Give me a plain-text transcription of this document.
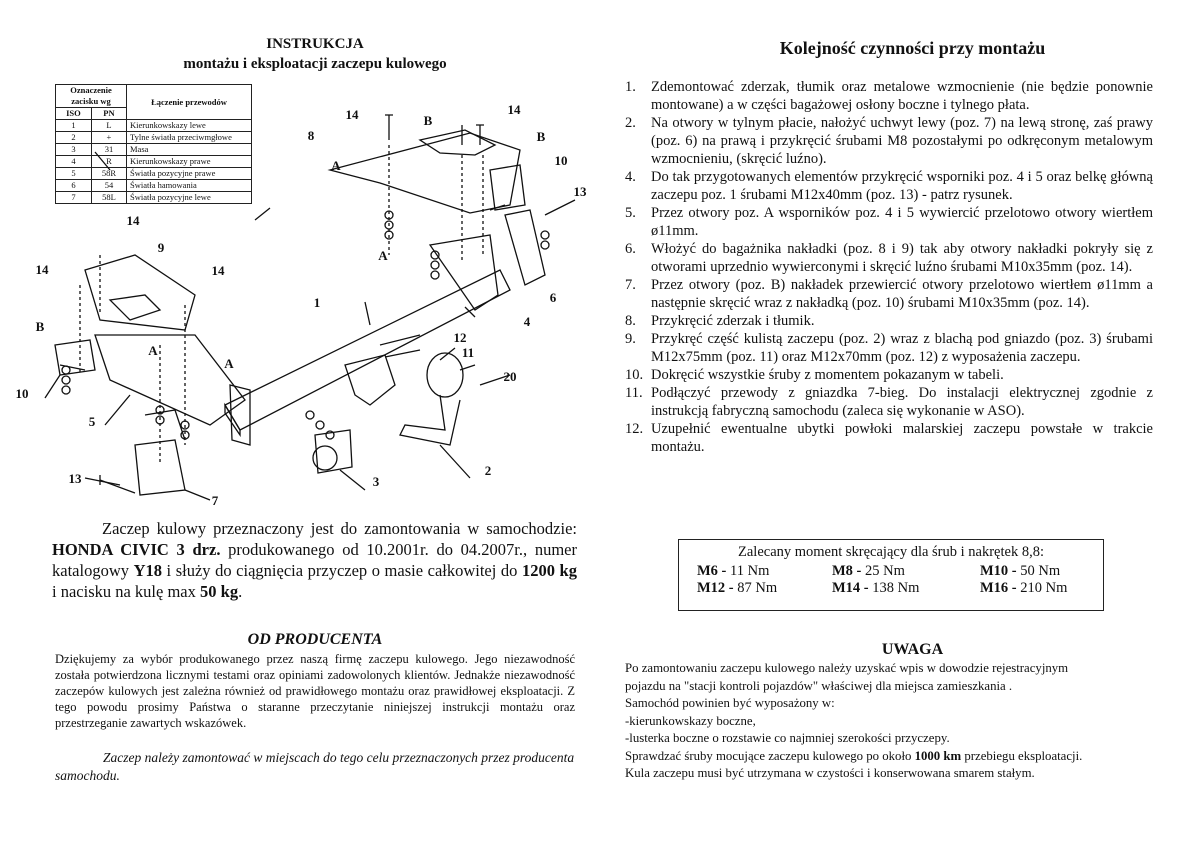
INSTRUKCJA
montażu i eksploatacji zaczepu kulowego
Oznaczenie zacisku wg		Łączenie przewodów
ISO	PN	
1	L	Kierunkowskazy lewe
2	+	Tylne światła przeciwmgłowe
3	31	Masa
4	R	Kierunkowskazy prawe
5	58R	Światła pozycyjne prawe
6	54	Światła hamowania
7	58L	Światła pozycyjne lewe
14	14
B
B
8
A	10
13
14
9
14	14
A
6
1
4
B
A
12
11
A
20
10
5
2
13	3
7

Zaczep kulowy przeznaczony jest do zamontowania w samochodzie: HONDA CIVIC 3 drz. produkowanego od 10.2001r. do 04.2007r., numer katalogowy Y18 i służy do ciągnięcia przyczep o masie całkowitej do 1200 kg i nacisku na kulę max 50 kg.

OD PRODUCENTA

Dziękujemy za wybór produkowanego przez naszą firmę zaczepu kulowego. Jego niezawodność została potwierdzona licznymi testami oraz opiniami zadowolonych klientów. Jednakże niezawodność zaczepów kulowych jest zależna również od prawidłowego montażu oraz prawidłowej eksploatacji. Z tego powodu prosimy Państwa o staranne przeczytanie niniejszej instrukcji montażu oraz przestrzeganie zawartych wskazówek.

Zaczep należy zamontować w miejscach do tego celu przeznaczonych przez producenta samochodu.

Kolejność czynności przy montażu
1.	Zdemontować zderzak, tłumik oraz metalowe wzmocnienie (nie będzie ponownie montowane) a w części bagażowej osłony boczne i tylnego płata.
2.	Na otwory w tylnym płacie, nałożyć uchwyt lewy (poz. 7) na lewą stronę, zaś prawy (poz. 6) na prawą i przykręcić śrubami M8 pozostałymi po odkręconym metalowym wzmocnieniu, (skręcić luźno).
4.	Do tak przygotowanych elementów przykręcić wsporniki poz. 4 i 5 oraz belkę główną zaczepu poz. 1 śrubami M12x40mm (poz. 13) - patrz rysunek.
5.	Przez otwory poz. A wsporników poz. 4 i 5 wywiercić przelotowo otwory wiertłem ø11mm.
6.	Włożyć do bagażnika nakładki (poz. 8 i 9) tak aby otwory nakładki pokryły się z otworami uprzednio wywierconymi i skręcić luźno śrubami M10x35mm (poz. 14).
7.	Przez otwory (poz. B) nakładek przewiercić otwory przelotowo wiertłem ø11mm a następnie skręcić wraz z nakładką (poz. 10) śrubami M10x35mm (poz. 14).
8.	Przykręcić zderzak i tłumik.
9.	Przykręć część kulistą zaczepu (poz. 2) wraz z blachą pod gniazdo (poz. 3) śrubami M12x75mm (poz. 11) oraz M12x70mm (poz. 12) z wyposażenia zaczepu.
10. Dokręcić wszystkie śruby z momentem pokazanym w tabeli.
11. Podłączyć przewody z gniazdka 7-bieg. Do instalacji elektrycznej zgodnie z instrukcją fabryczną samochodu (zaleca się wykonanie w ASO).
12. Uzupełnić ewentualne ubytki powłoki malarskiej zaczepu powstałe w trakcie montażu.
Zalecany moment skręcający dla śrub i nakrętek 8,8:
M6 - 11 Nm	M8 - 25 Nm	M10 - 50 Nm
M12 - 87 Nm	M14 - 138 Nm	M16 - 210 Nm
UWAGA
Po zamontowaniu zaczepu kulowego należy uzyskać wpis w dowodzie rejestracyjnym
pojazdu na "stacji kontroli pojazdów" właściwej dla miejsca zamieszkania .
Samochód powinien być wyposażony w:
-kierunkowskazy boczne,
-lusterka boczne o rozstawie co najmniej szerokości przyczepy.
Sprawdzać śruby mocujące zaczepu kulowego po około 1000 km przebiegu eksploatacji.
Kula zaczepu musi być utrzymana w czystości i konserwowana smarem stałym.
